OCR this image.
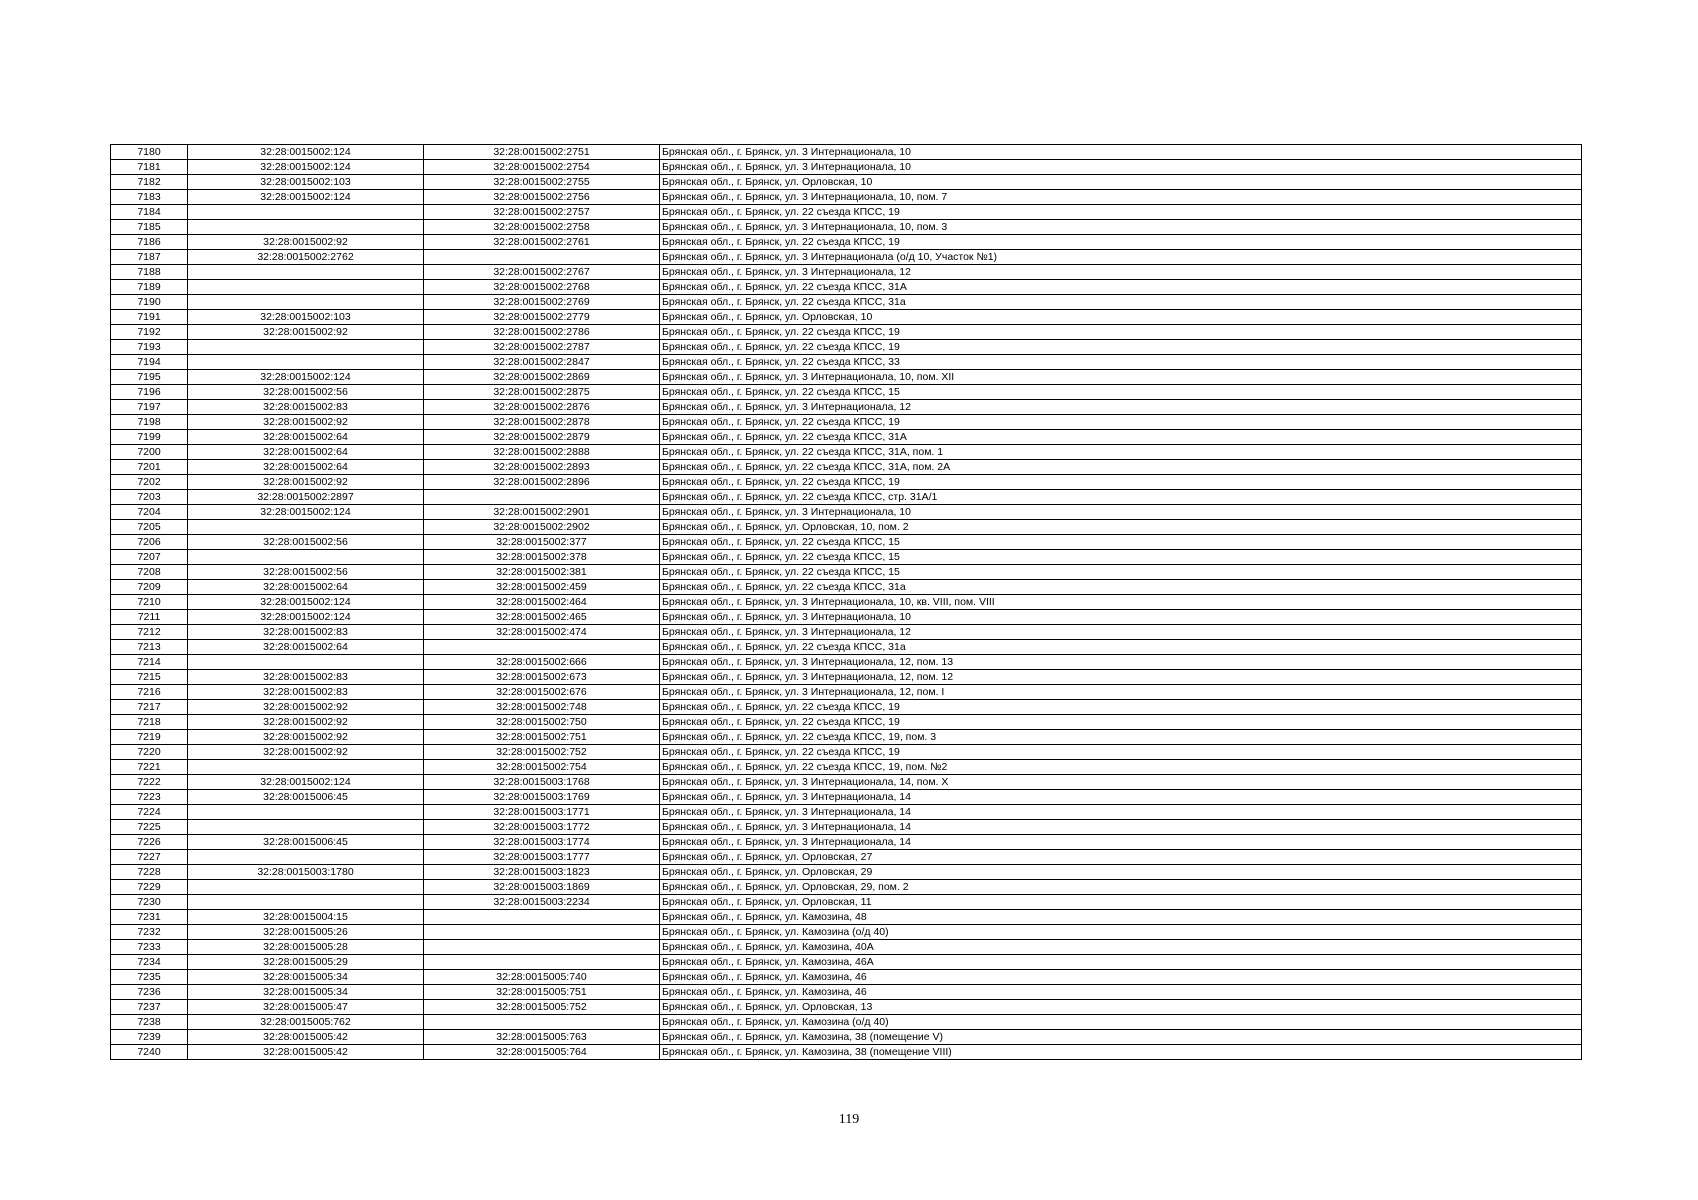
7180	32:28:0015002:124	32:28:0015002:2751	Брянская обл., г. Брянск, ул. 3 Интернационала, 10
7181	32:28:0015002:124	32:28:0015002:2754	Брянская обл., г. Брянск, ул. 3 Интернационала, 10
7182	32:28:0015002:103	32:28:0015002:2755	Брянская обл., г. Брянск, ул. Орловская, 10
7183	32:28:0015002:124	32:28:0015002:2756	Брянская обл., г. Брянск, ул. 3 Интернационала, 10, пом. 7
7184		32:28:0015002:2757	Брянская обл., г. Брянск, ул. 22 съезда КПСС, 19
7185		32:28:0015002:2758	Брянская обл., г. Брянск, ул. 3 Интернационала, 10, пом. 3
7186	32:28:0015002:92	32:28:0015002:2761	Брянская обл., г. Брянск, ул. 22 съезда КПСС, 19
7187	32:28:0015002:2762		Брянская обл., г. Брянск, ул. 3 Интернационала (о/д 10, Участок №1)
7188		32:28:0015002:2767	Брянская обл., г. Брянск, ул. 3 Интернационала, 12
7189		32:28:0015002:2768	Брянская обл., г. Брянск, ул. 22 съезда КПСС, 31А
7190		32:28:0015002:2769	Брянская обл., г. Брянск, ул. 22 съезда КПСС, 31а
7191	32:28:0015002:103	32:28:0015002:2779	Брянская обл., г. Брянск, ул. Орловская, 10
7192	32:28:0015002:92	32:28:0015002:2786	Брянская обл., г. Брянск, ул. 22 съезда КПСС, 19
7193		32:28:0015002:2787	Брянская обл., г. Брянск, ул. 22 съезда КПСС, 19
7194		32:28:0015002:2847	Брянская обл., г. Брянск, ул. 22 съезда КПСС, 33
7195	32:28:0015002:124	32:28:0015002:2869	Брянская обл., г. Брянск, ул. 3 Интернационала, 10, пом. XII
7196	32:28:0015002:56	32:28:0015002:2875	Брянская обл., г. Брянск, ул. 22 съезда КПСС, 15
7197	32:28:0015002:83	32:28:0015002:2876	Брянская обл., г. Брянск, ул. 3 Интернационала, 12
7198	32:28:0015002:92	32:28:0015002:2878	Брянская обл., г. Брянск, ул. 22 съезда КПСС, 19
7199	32:28:0015002:64	32:28:0015002:2879	Брянская обл., г. Брянск, ул. 22 съезда КПСС, 31А
7200	32:28:0015002:64	32:28:0015002:2888	Брянская обл., г. Брянск, ул. 22 съезда КПСС, 31А, пом. 1
7201	32:28:0015002:64	32:28:0015002:2893	Брянская обл., г. Брянск, ул. 22 съезда КПСС, 31А, пом. 2А
7202	32:28:0015002:92	32:28:0015002:2896	Брянская обл., г. Брянск, ул. 22 съезда КПСС, 19
7203	32:28:0015002:2897		Брянская обл., г. Брянск, ул. 22 съезда КПСС, стр. 31А/1
7204	32:28:0015002:124	32:28:0015002:2901	Брянская обл., г. Брянск, ул. 3 Интернационала, 10
7205		32:28:0015002:2902	Брянская обл., г. Брянск, ул. Орловская, 10, пом. 2
7206	32:28:0015002:56	32:28:0015002:377	Брянская обл., г. Брянск, ул. 22 съезда КПСС, 15
7207		32:28:0015002:378	Брянская обл., г. Брянск, ул. 22 съезда КПСС, 15
7208	32:28:0015002:56	32:28:0015002:381	Брянская обл., г. Брянск, ул. 22 съезда КПСС, 15
7209	32:28:0015002:64	32:28:0015002:459	Брянская обл., г. Брянск, ул. 22 съезда КПСС, 31а
7210	32:28:0015002:124	32:28:0015002:464	Брянская обл., г. Брянск, ул. 3 Интернационала, 10, кв. VIII, пом. VIII
7211	32:28:0015002:124	32:28:0015002:465	Брянская обл., г. Брянск, ул. 3 Интернационала, 10
7212	32:28:0015002:83	32:28:0015002:474	Брянская обл., г. Брянск, ул. 3 Интернационала, 12
7213	32:28:0015002:64		Брянская обл., г. Брянск, ул. 22 съезда КПСС, 31а
7214		32:28:0015002:666	Брянская обл., г. Брянск, ул. 3 Интернационала, 12, пом. 13
7215	32:28:0015002:83	32:28:0015002:673	Брянская обл., г. Брянск, ул. 3 Интернационала, 12, пом. 12
7216	32:28:0015002:83	32:28:0015002:676	Брянская обл., г. Брянск, ул. 3 Интернационала, 12, пом. I
7217	32:28:0015002:92	32:28:0015002:748	Брянская обл., г. Брянск, ул. 22 съезда КПСС, 19
7218	32:28:0015002:92	32:28:0015002:750	Брянская обл., г. Брянск, ул. 22 съезда КПСС, 19
7219	32:28:0015002:92	32:28:0015002:751	Брянская обл., г. Брянск, ул. 22 съезда КПСС, 19, пом. 3
7220	32:28:0015002:92	32:28:0015002:752	Брянская обл., г. Брянск, ул. 22 съезда КПСС, 19
7221		32:28:0015002:754	Брянская обл., г. Брянск, ул. 22 съезда КПСС, 19, пом. №2
7222	32:28:0015002:124	32:28:0015003:1768	Брянская обл., г. Брянск, ул. 3 Интернационала, 14, пом. X
7223	32:28:0015006:45	32:28:0015003:1769	Брянская обл., г. Брянск, ул. 3 Интернационала, 14
7224		32:28:0015003:1771	Брянская обл., г. Брянск, ул. 3 Интернационала, 14
7225		32:28:0015003:1772	Брянская обл., г. Брянск, ул. 3 Интернационала, 14
7226	32:28:0015006:45	32:28:0015003:1774	Брянская обл., г. Брянск, ул. 3 Интернационала, 14
7227		32:28:0015003:1777	Брянская обл., г. Брянск, ул. Орловская, 27
7228	32:28:0015003:1780	32:28:0015003:1823	Брянская обл., г. Брянск, ул. Орловская, 29
7229		32:28:0015003:1869	Брянская обл., г. Брянск, ул. Орловская, 29, пом. 2
7230		32:28:0015003:2234	Брянская обл., г. Брянск, ул. Орловская, 11
7231	32:28:0015004:15		Брянская обл., г. Брянск, ул. Камозина, 48
7232	32:28:0015005:26		Брянская обл., г. Брянск, ул. Камозина (о/д 40)
7233	32:28:0015005:28		Брянская обл., г. Брянск, ул. Камозина, 40А
7234	32:28:0015005:29		Брянская обл., г. Брянск, ул. Камозина, 46А
7235	32:28:0015005:34	32:28:0015005:740	Брянская обл., г. Брянск, ул. Камозина, 46
7236	32:28:0015005:34	32:28:0015005:751	Брянская обл., г. Брянск, ул. Камозина, 46
7237	32:28:0015005:47	32:28:0015005:752	Брянская обл., г. Брянск, ул. Орловская, 13
7238	32:28:0015005:762		Брянская обл., г. Брянск, ул. Камозина (о/д 40)
7239	32:28:0015005:42	32:28:0015005:763	Брянская обл., г. Брянск, ул. Камозина, 38 (помещение V)
7240	32:28:0015005:42	32:28:0015005:764	Брянская обл., г. Брянск, ул. Камозина, 38 (помещение VIII)
119
